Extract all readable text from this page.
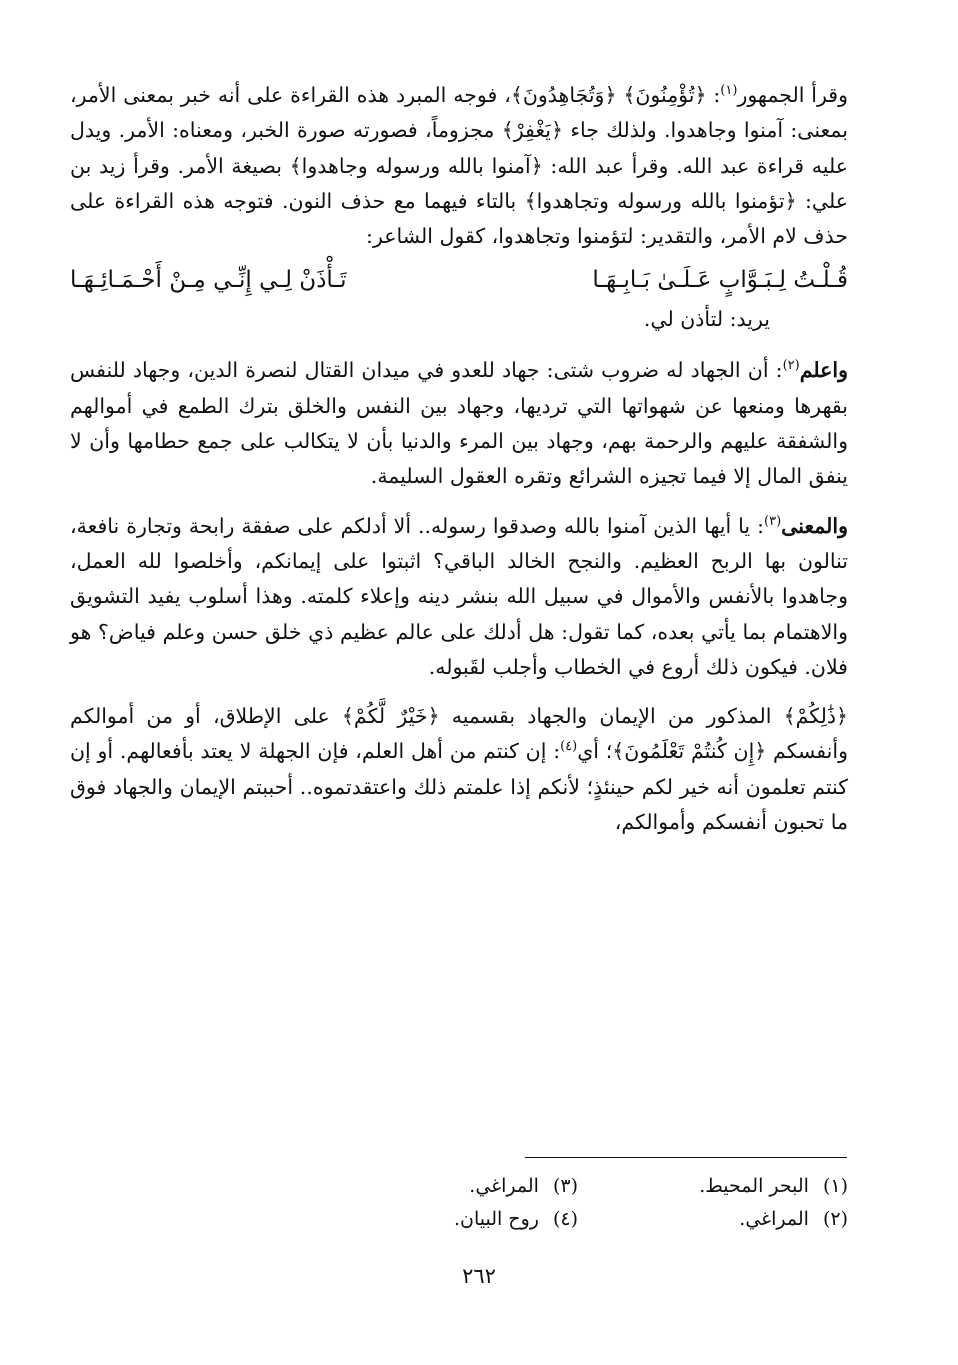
وقرأ الجمهور$^{(١)}$: ﴿تُؤْمِنُونَ﴾ ﴿وَتُجَاهِدُونَ﴾، فوجه المبرد هذه القراءة على أنه خبر بمعنى الأمر، بمعنى: آمنوا وجاهدوا. ولذلك جاء ﴿يَغْفِرْ﴾ مجزوماً، فصورته صورة الخبر، ومعناه: الأمر. ويدل عليه قراءة عبد الله. وقرأ عبد الله: ﴿آمنوا بالله ورسوله وجاهدوا﴾ بصيغة الأمر. وقرأ زيد بن علي: ﴿تؤمنوا بالله ورسوله وتجاهدوا﴾ بالتاء فيهما مع حذف النون. فتوجه هذه القراءة على حذف لام الأمر، والتقدير: لتؤمنوا وتجاهدوا، كقول الشاعر:

قُـلْـتُ لِـبَـوَّابٍ عَـلَـىٰ بَـابِـهَـا
تَـأْذَنْ لِـي إِنِّـي مِـنْ أَحْـمَـائِـهَـا

يريد: لتأذن لي.

واعلم$^{(٢)}$: أن الجهاد له ضروب شتى: جهاد للعدو في ميدان القتال لنصرة الدين، وجهاد للنفس بقهرها ومنعها عن شهواتها التي ترديها، وجهاد بين النفس والخلق بترك الطمع في أموالهم والشفقة عليهم والرحمة بهم، وجهاد بين المرء والدنيا بأن لا يتكالب على جمع حطامها وأن لا ينفق المال إلا فيما تجيزه الشرائع وتقره العقول السليمة.

والمعنى$^{(٣)}$: يا أيها الذين آمنوا بالله وصدقوا رسوله.. ألا أدلكم على صفقة رابحة وتجارة نافعة، تنالون بها الربح العظيم. والنجح الخالد الباقي؟ اثبتوا على إيمانكم، وأخلصوا لله العمل، وجاهدوا بالأنفس والأموال في سبيل الله بنشر دينه وإعلاء كلمته. وهذا أسلوب يفيد التشويق والاهتمام بما يأتي بعده، كما تقول: هل أدلك على عالم عظيم ذي خلق حسن وعلم فياض؟ هو فلان. فيكون ذلك أروع في الخطاب وأجلب لقَبوله.

﴿ذَٰلِكُمْ﴾ المذكور من الإيمان والجهاد بقسميه ﴿خَيْرٌ لَّكُمْ﴾ على الإطلاق، أو من أموالكم وأنفسكم ﴿إِن كُنتُمْ تَعْلَمُونَ﴾؛ أي$^{(٤)}$: إن كنتم من أهل العلم، فإن الجهلة لا يعتد بأفعالهم. أو إن كنتم تعلمون أنه خير لكم حينئذٍ؛ لأنكم إذا علمتم ذلك واعتقدتموه.. أحببتم الإيمان والجهاد فوق ما تحبون أنفسكم وأموالكم،

(١)البحر المحيط.
(٣)المراغي.
(٢)المراغي.
(٤)روح البيان.
٢٦٢
